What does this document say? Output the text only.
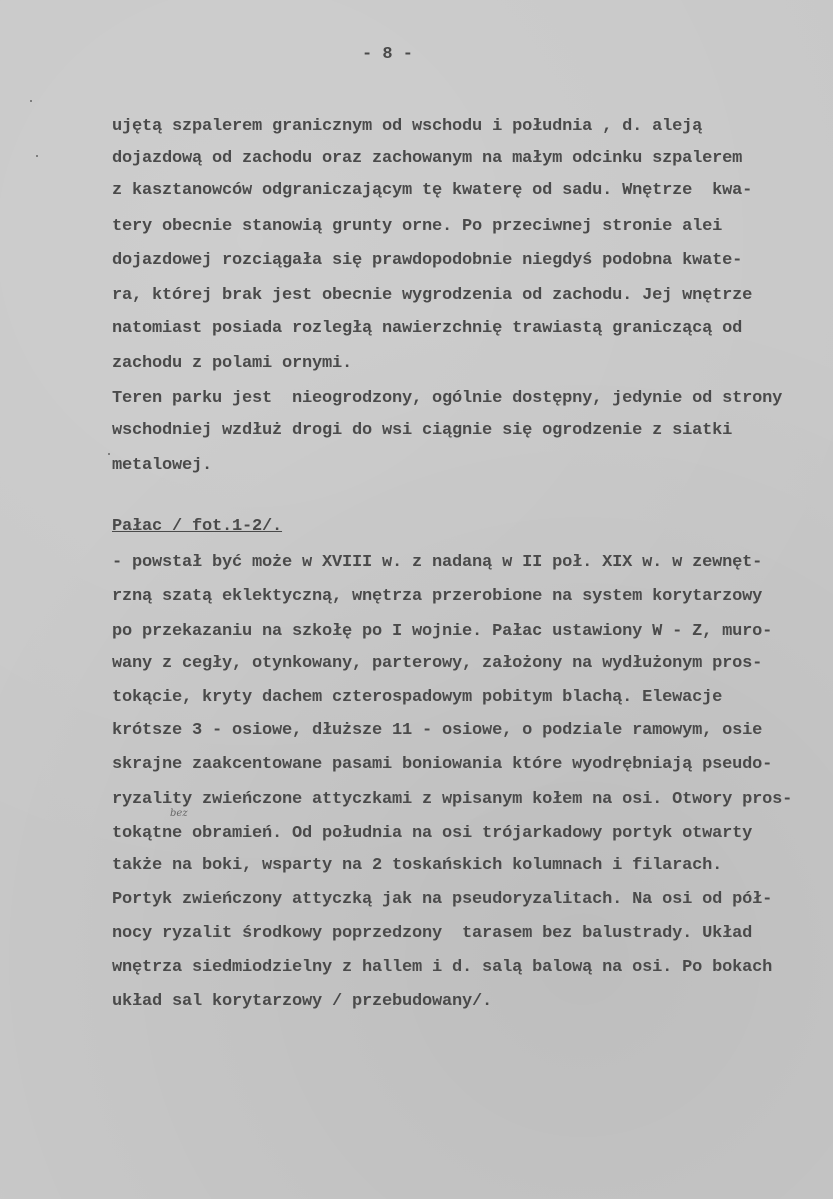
- 8 -
ujętą szpalerem granicznym od wschodu i południa , d. aleją
dojazdową od zachodu oraz zachowanym na małym odcinku szpalerem
z kasztanowców odgraniczającym tę kwaterę od sadu. Wnętrze  kwa-
tery obecnie stanowią grunty orne. Po przeciwnej stronie alei
dojazdowej rozciągała się prawdopodobnie niegdyś podobna kwate-
ra, której brak jest obecnie wygrodzenia od zachodu. Jej wnętrze
natomiast posiada rozległą nawierzchnię trawiastą graniczącą od
zachodu z polami ornymi.
Teren parku jest  nieogrodzony, ogólnie dostępny, jedynie od strony
wschodniej wzdłuż drogi do wsi ciągnie się ogrodzenie z siatki
metalowej.
Pałac / fot.1-2/.
- powstał być może w XVIII w. z nadaną w II poł. XIX w. w zewnęt-
rzną szatą eklektyczną, wnętrza przerobione na system korytarzowy
po przekazaniu na szkołę po I wojnie. Pałac ustawiony W - Z, muro-
wany z cegły, otynkowany, parterowy, założony na wydłużonym pros-
tokącie, kryty dachem czterospadowym pobitym blachą. Elewacje
krótsze 3 - osiowe, dłuższe 11 - osiowe, o podziale ramowym, osie
skrajne zaakcentowane pasami boniowania które wyodrębniają pseudo-
ryzality zwieńczone attyczkami z wpisanym kołem na osi. Otwory pros-
bez
tokątne obramień. Od południa na osi trójarkadowy portyk otwarty
także na boki, wsparty na 2 toskańskich kolumnach i filarach.
Portyk zwieńczony attyczką jak na pseudoryzalitach. Na osi od pół-
nocy ryzalit środkowy poprzedzony  tarasem bez balustrady. Układ
wnętrza siedmiodzielny z hallem i d. salą balową na osi. Po bokach
układ sal korytarzowy / przebudowany/.
